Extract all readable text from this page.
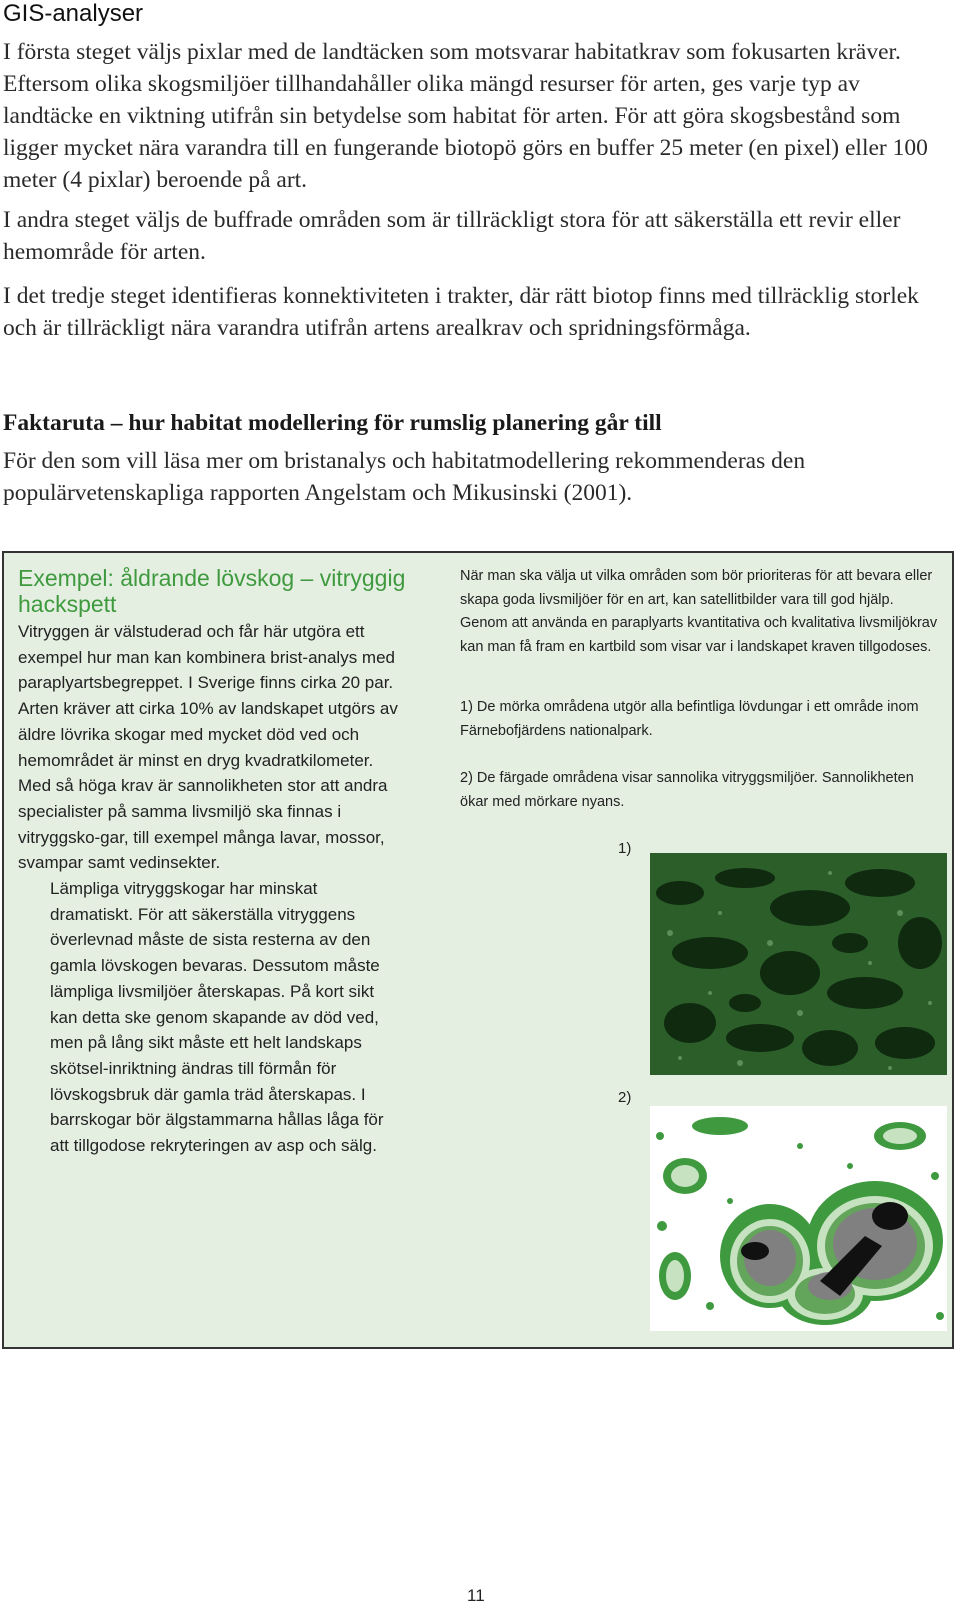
GIS-analyser

I första steget väljs pixlar med de landtäcken som motsvarar habitatkrav som fokusarten kräver. Eftersom olika skogsmiljöer tillhandahåller olika mängd resurser för arten, ges varje typ av landtäcke en viktning utifrån sin betydelse som habitat för arten. För att göra skogsbestånd som ligger mycket nära varandra till en fungerande biotopö görs en buffer 25 meter (en pixel) eller 100 meter (4 pixlar) beroende på art.

I andra steget väljs de buffrade områden som är tillräckligt stora för att säkerställa ett revir eller hemområde för arten.

I det tredje steget identifieras konnektiviteten i trakter, där rätt biotop finns med tillräcklig storlek och är tillräckligt nära varandra utifrån artens arealkrav och spridningsförmåga.

Faktaruta – hur habitat modellering för rumslig planering går till

För den som vill läsa mer om bristanalys och habitatmodellering rekommenderas den populärvetenskapliga rapporten Angelstam och Mikusinski (2001).

Exempel: åldrande lövskog – vitryggig hackspett
Vitryggen är välstuderad och får här utgöra ett exempel hur man kan kombinera brist-analys med paraplyartsbegreppet. I Sverige finns cirka 20 par. Arten kräver att cirka 10% av landskapet utgörs av äldre lövrika skogar med mycket död ved och hemområdet är minst en dryg kvadratkilometer. Med så höga krav är sannolikheten stor att andra specialister på samma livsmiljö ska finnas i vitryggsko-gar, till exempel många lavar, mossor, svampar samt vedinsekter.
Lämpliga vitryggskogar har minskat dramatiskt. För att säkerställa vitryggens överlevnad måste de sista resterna av den gamla lövskogen bevaras. Dessutom måste lämpliga livsmiljöer återskapas. På kort sikt kan detta ske genom skapande av död ved, men på lång sikt måste ett helt landskaps skötsel-inriktning ändras till förmån för lövskogsbruk där gamla träd återskapas. I barrskogar bör älgstammarna hållas låga för att tillgodose rekryteringen av asp och sälg.

När man ska välja ut vilka områden som bör prioriteras för att bevara eller skapa goda livsmiljöer för en art, kan satellitbilder vara till god hjälp. Genom att använda en paraplyarts kvantitativa och kvalitativa livsmiljökrav kan man få fram en kartbild som visar var i landskapet kraven tillgodoses.

1) De mörka områdena utgör alla befintliga lövdungar i ett område inom Färnebofjärdens nationalpark.

2) De färgade områdena visar sannolika vitryggsmiljöer. Sannolikheten ökar med mörkare nyans.

1)
2)
11
